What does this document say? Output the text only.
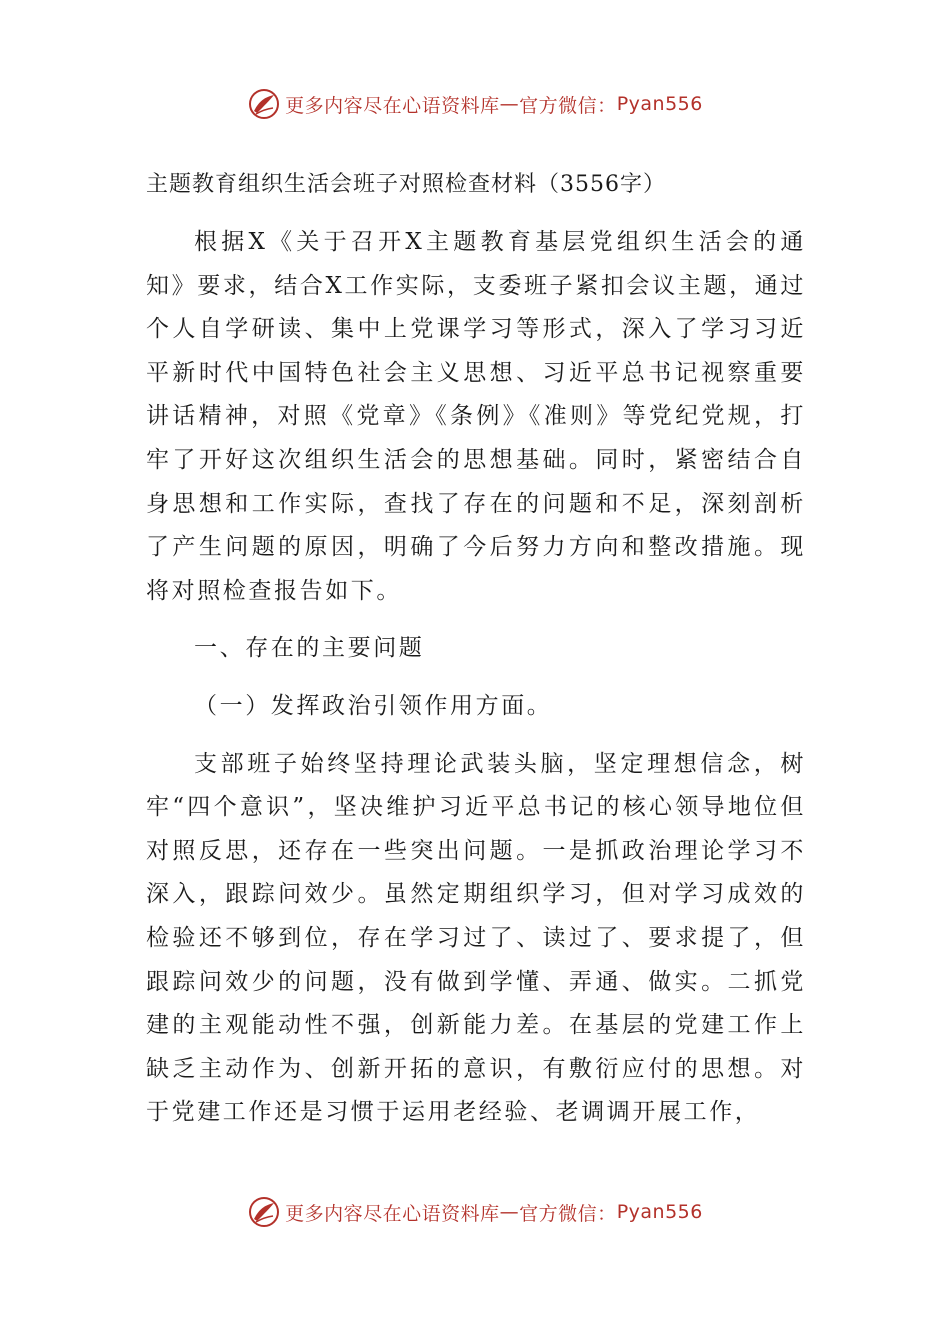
更多内容尽在心语资料库 — 官方微信： Pyan556

主题教育组织生活会班子对照检查材料（3556字）

根据X《关于召开X主题教育基层党组织生活会的通知》要求，结合X工作实际，支委班子紧扣会议主题，通过个人自学研读、集中上党课学习等形式，深入了学习习近平新时代中国特色社会主义思想、习近平总书记视察重要讲话精神，对照《党章》《条例》《准则》等党纪党规，打牢了开好这次组织生活会的思想基础。同时，紧密结合自身思想和工作实际，查找了存在的问题和不足，深刻剖析了产生问题的原因，明确了今后努力方向和整改措施。现将对照检查报告如下。

一、存在的主要问题

（一）发挥政治引领作用方面。

支部班子始终坚持理论武装头脑，坚定理想信念，树牢“四个意识”，坚决维护习近平总书记的核心领导地位但对照反思，还存在一些突出问题。一是抓政治理论学习不深入，跟踪问效少。虽然定期组织学习，但对学习成效的检验还不够到位，存在学习过了、读过了、要求提了，但跟踪问效少的问题，没有做到学懂、弄通、做实。二抓党建的主观能动性不强，创新能力差。在基层的党建工作上缺乏主动作为、创新开拓的意识，有敷衍应付的思想。对于党建工作还是习惯于运用老经验、老调调开展工作，

更多内容尽在心语资料库 — 官方微信： Pyan556
